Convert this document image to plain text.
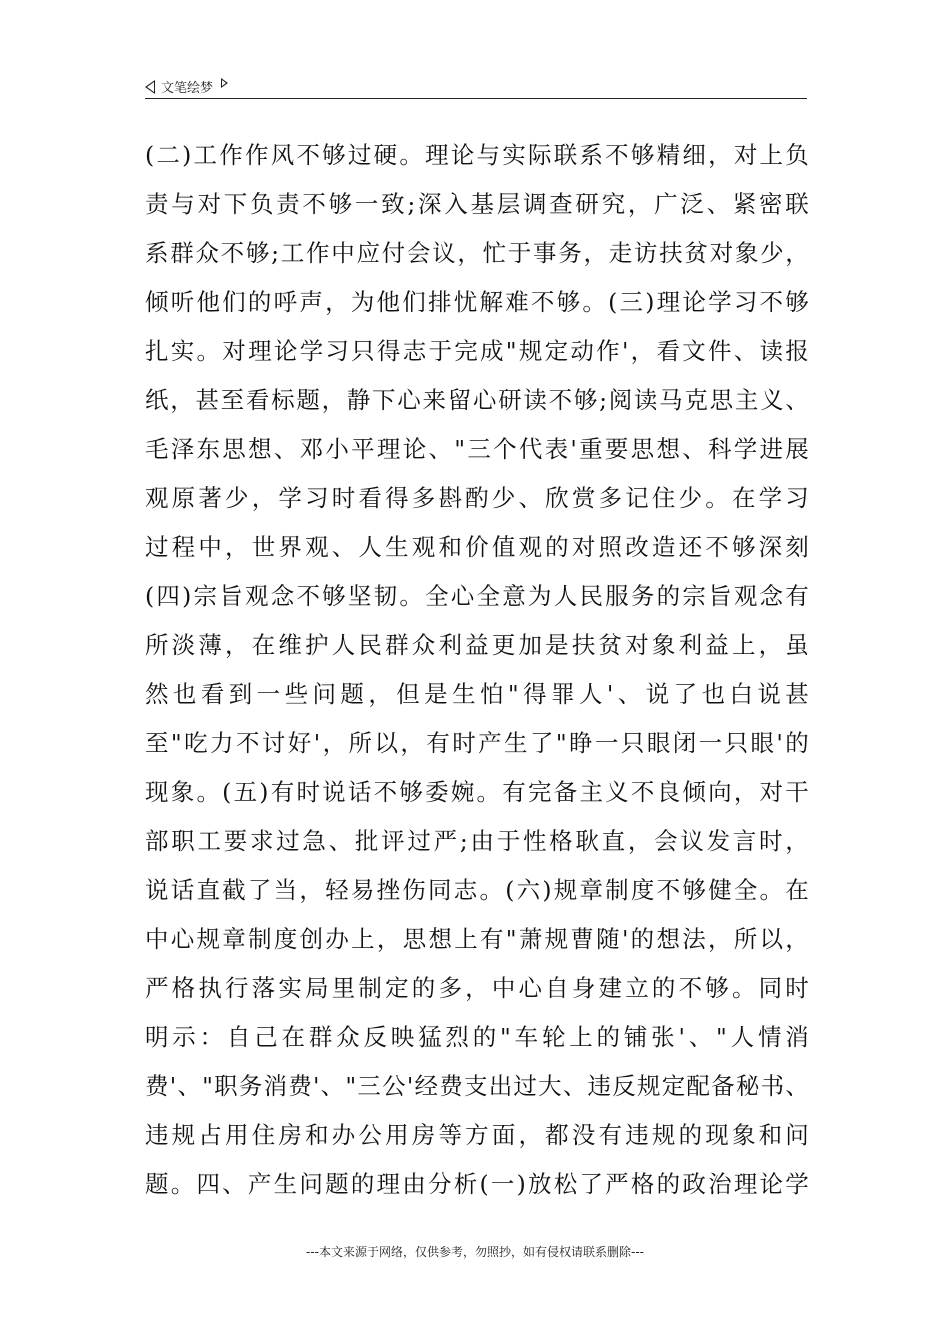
文笔绘梦
(二)工作作风不够过硬。理论与实际联系不够精细，对上负
责与对下负责不够一致;深入基层调查研究，广泛、紧密联
系群众不够;工作中应付会议，忙于事务，走访扶贫对象少，
倾听他们的呼声，为他们排忧解难不够。(三)理论学习不够
扎实。对理论学习只得志于完成"规定动作'，看文件、读报
纸，甚至看标题，静下心来留心研读不够;阅读马克思主义、
毛泽东思想、邓小平理论、"三个代表'重要思想、科学进展
观原著少，学习时看得多斟酌少、欣赏多记住少。在学习
过程中，世界观、人生观和价值观的对照改造还不够深刻
(四)宗旨观念不够坚韧。全心全意为人民服务的宗旨观念有
所淡薄，在维护人民群众利益更加是扶贫对象利益上，虽
然也看到一些问题，但是生怕"得罪人'、说了也白说甚
至"吃力不讨好'，所以，有时产生了"睁一只眼闭一只眼'的
现象。(五)有时说话不够委婉。有完备主义不良倾向，对干
部职工要求过急、批评过严;由于性格耿直，会议发言时，
说话直截了当，轻易挫伤同志。(六)规章制度不够健全。在
中心规章制度创办上，思想上有"萧规曹随'的想法，所以，
严格执行落实局里制定的多，中心自身建立的不够。同时
明示：自己在群众反映猛烈的"车轮上的铺张'、"人情消
费'、"职务消费'、"三公'经费支出过大、违反规定配备秘书、
违规占用住房和办公用房等方面，都没有违规的现象和问
题。四、产生问题的理由分析(一)放松了严格的政治理论学
---本文来源于网络，仅供参考，勿照抄，如有侵权请联系删除---
